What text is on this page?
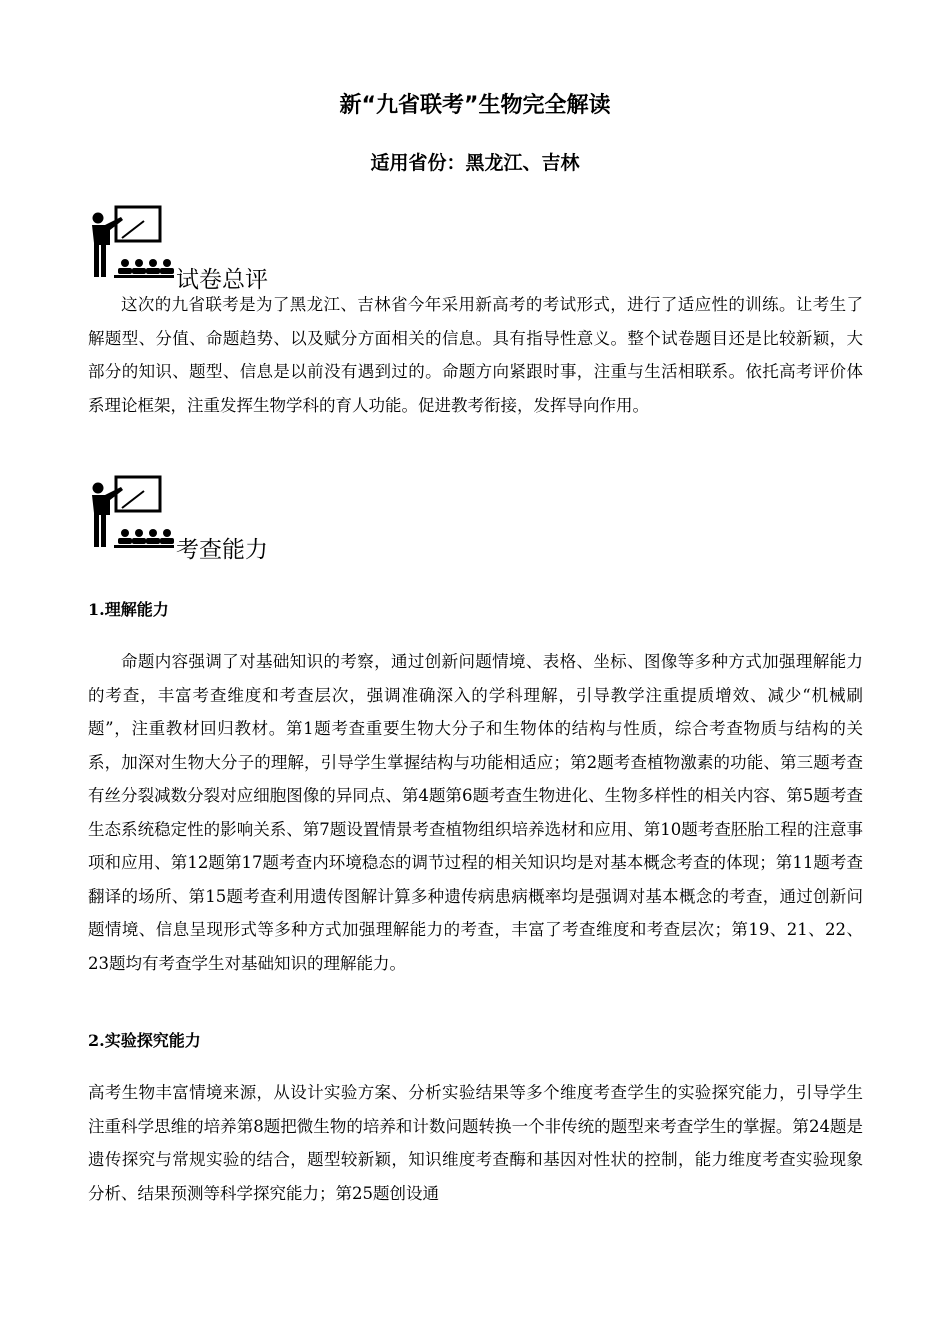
新“九省联考”生物完全解读
适用省份：黑龙江、吉林
试卷总评

这次的九省联考是为了黑龙江、吉林省今年采用新高考的考试形式，进行了适应性的训练。让考生了解题型、分值、命题趋势、以及赋分方面相关的信息。具有指导性意义。整个试卷题目还是比较新颖，大部分的知识、题型、信息是以前没有遇到过的。命题方向紧跟时事，注重与生活相联系。依托高考评价体系理论框架，注重发挥生物学科的育人功能。促进教考衔接，发挥导向作用。

考查能力
1.理解能力

命题内容强调了对基础知识的考察，通过创新问题情境、表格、坐标、图像等多种方式加强理解能力的考查，丰富考查维度和考查层次，强调准确深入的学科理解，引导教学注重提质增效、减少“机械刷题”，注重教材回归教材。第1题考查重要生物大分子和生物体的结构与性质，综合考查物质与结构的关系，加深对生物大分子的理解，引导学生掌握结构与功能相适应；第2题考查植物激素的功能、第三题考查有丝分裂减数分裂对应细胞图像的异同点、第4题第6题考查生物进化、生物多样性的相关内容、第5题考查生态系统稳定性的影响关系、第7题设置情景考查植物组织培养选材和应用、第10题考查胚胎工程的注意事项和应用、第12题第17题考查内环境稳态的调节过程的相关知识均是对基本概念考查的体现；第11题考查翻译的场所、第15题考查利用遗传图解计算多种遗传病患病概率均是强调对基本概念的考查，通过创新问题情境、信息呈现形式等多种方式加强理解能力的考查，丰富了考查维度和考查层次；第19、21、22、23题均有考查学生对基础知识的理解能力。

2.实验探究能力

高考生物丰富情境来源，从设计实验方案、分析实验结果等多个维度考查学生的实验探究能力，引导学生注重科学思维的培养第8题把微生物的培养和计数问题转换一个非传统的题型来考查学生的掌握。第24题是遗传探究与常规实验的结合，题型较新颖，知识维度考查酶和基因对性状的控制，能力维度考查实验现象分析、结果预测等科学探究能力；第25题创设通
